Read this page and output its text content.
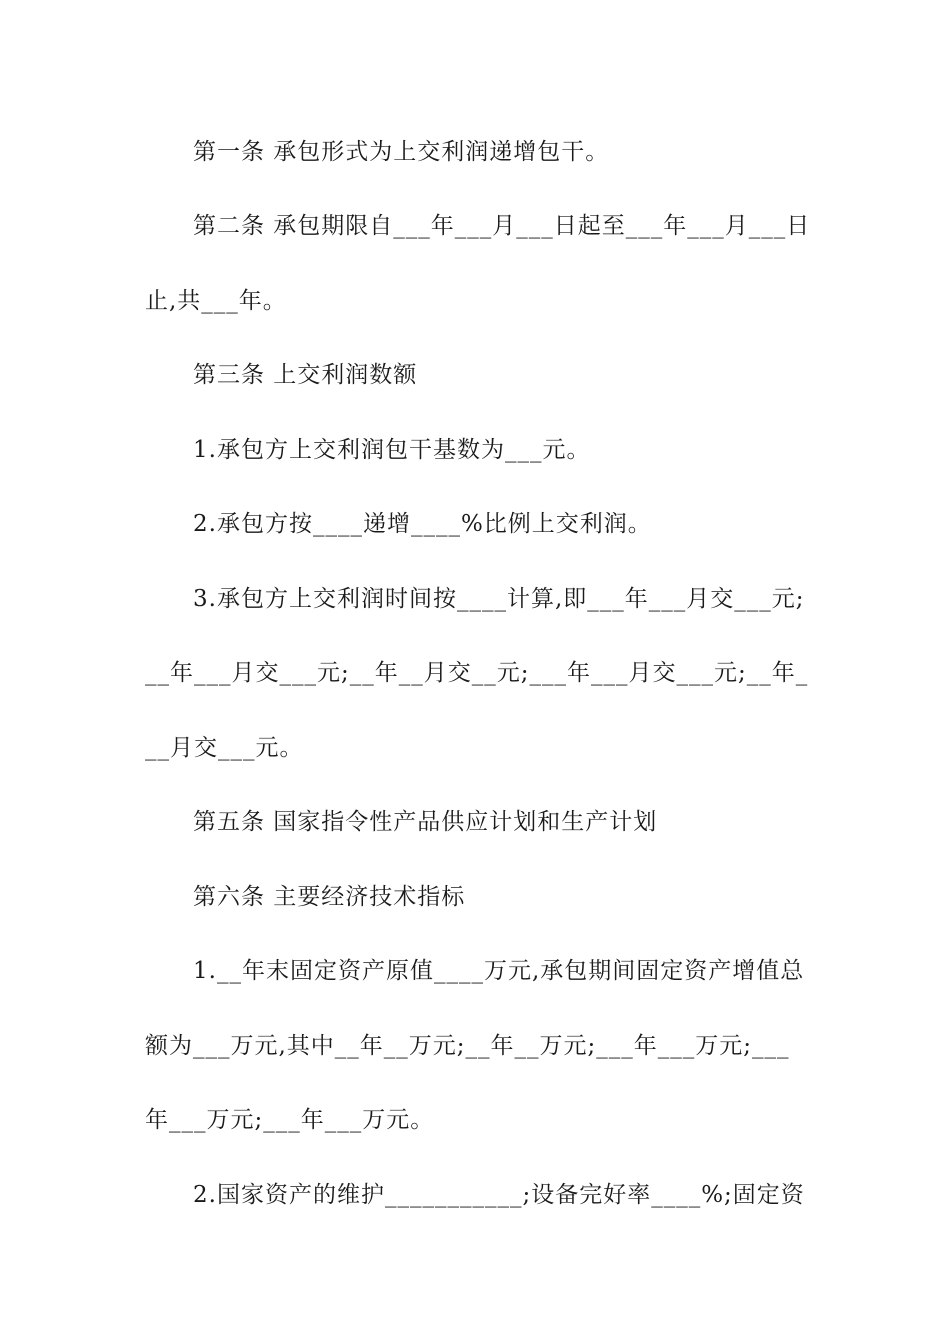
第一条 承包形式为上交利润递增包干。
第二条 承包期限自___年___月___日起至___年___月___日
止,共___年。
第三条 上交利润数额
1.承包方上交利润包干基数为___元。
2.承包方按____递增____%比例上交利润。
3.承包方上交利润时间按____计算,即___年___月交___元;
__年___月交___元;__年__月交__元;___年___月交___元;__年_
__月交___元。
第五条 国家指令性产品供应计划和生产计划
第六条 主要经济技术指标
1.__年末固定资产原值____万元,承包期间固定资产增值总
额为___万元,其中__年__万元;__年__万元;___年___万元;___
年___万元;___年___万元。
2.国家资产的维护___________;设备完好率____%;固定资
